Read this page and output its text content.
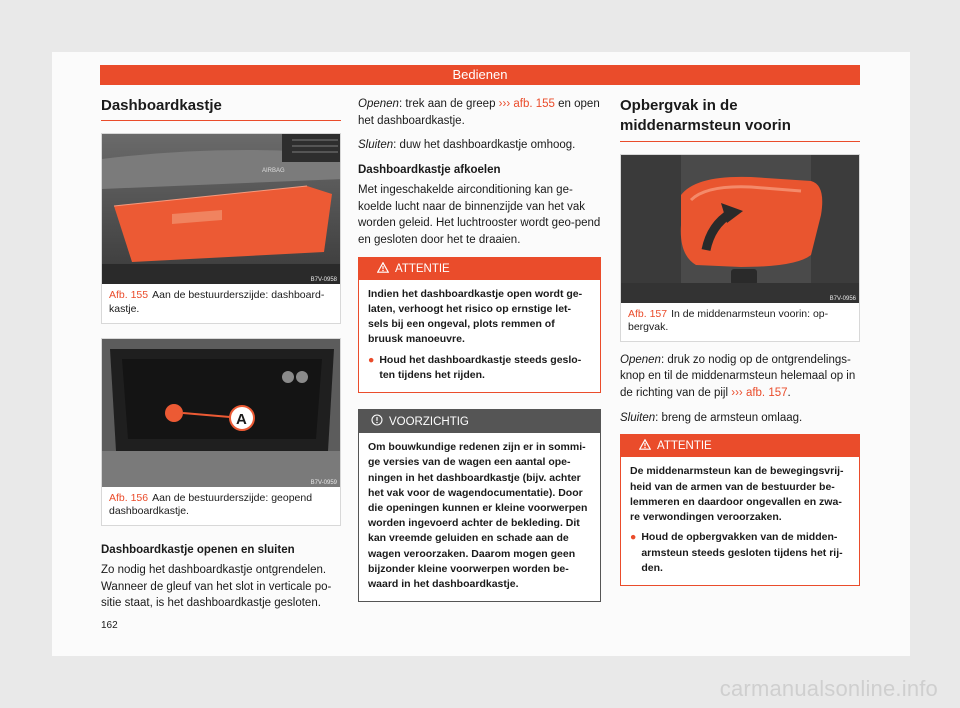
Bedienen
Dashboardkastje
AIRBAG
B7V-0958
Afb. 155 Aan de bestuurderszijde: dashboard-kastje.
A
B7V-0959
Afb. 156 Aan de bestuurderszijde: geopend dashboardkastje.
Dashboardkastje openen en sluiten

Zo nodig het dashboardkastje ontgrendelen. Wanneer de gleuf van het slot in verticale po-sitie staat, is het dashboardkastje gesloten.

Openen: trek aan de greep ››› afb. 155 en open het dashboardkastje.

Sluiten: duw het dashboardkastje omhoog.

Dashboardkastje afkoelen

Met ingeschakelde airconditioning kan ge-koelde lucht naar de binnenzijde van het vak worden geleid. Het luchtrooster wordt geo-pend en gesloten door het te draaien.

ATTENTIE
Indien het dashboardkastje open wordt ge-laten, verhoogt het risico op ernstige let-sels bij een ongeval, plots remmen of bruusk manoeuvre.
● Houd het dashboardkastje steeds geslo-ten tijdens het rijden.
VOORZICHTIG
Om bouwkundige redenen zijn er in sommi-ge versies van de wagen een aantal ope-ningen in het dashboardkastje (bijv. achter het vak voor de wagendocumentatie). Door die openingen kunnen er kleine voorwerpen worden ingevoerd achter de bekleding. Dit kan vreemde geluiden en schade aan de wagen veroorzaken. Daarom mogen geen bijzonder kleine voorwerpen worden be-waard in het dashboardkastje.
Opbergvak in de middenarmsteun voorin
B7V-0956
Afb. 157 In de middenarmsteun voorin: op-bergvak.

Openen: druk zo nodig op de ontgrendelings-knop en til de middenarmsteun helemaal op in de richting van de pijl ››› afb. 157.

Sluiten: breng de armsteun omlaag.

ATTENTIE
De middenarmsteun kan de bewegingsvrij-heid van de armen van de bestuurder be-lemmeren en daardoor ongevallen en zwa-re verwondingen veroorzaken.
● Houd de opbergvakken van de midden-armsteun steeds gesloten tijdens het rij-den.
162
carmanualsonline.info
